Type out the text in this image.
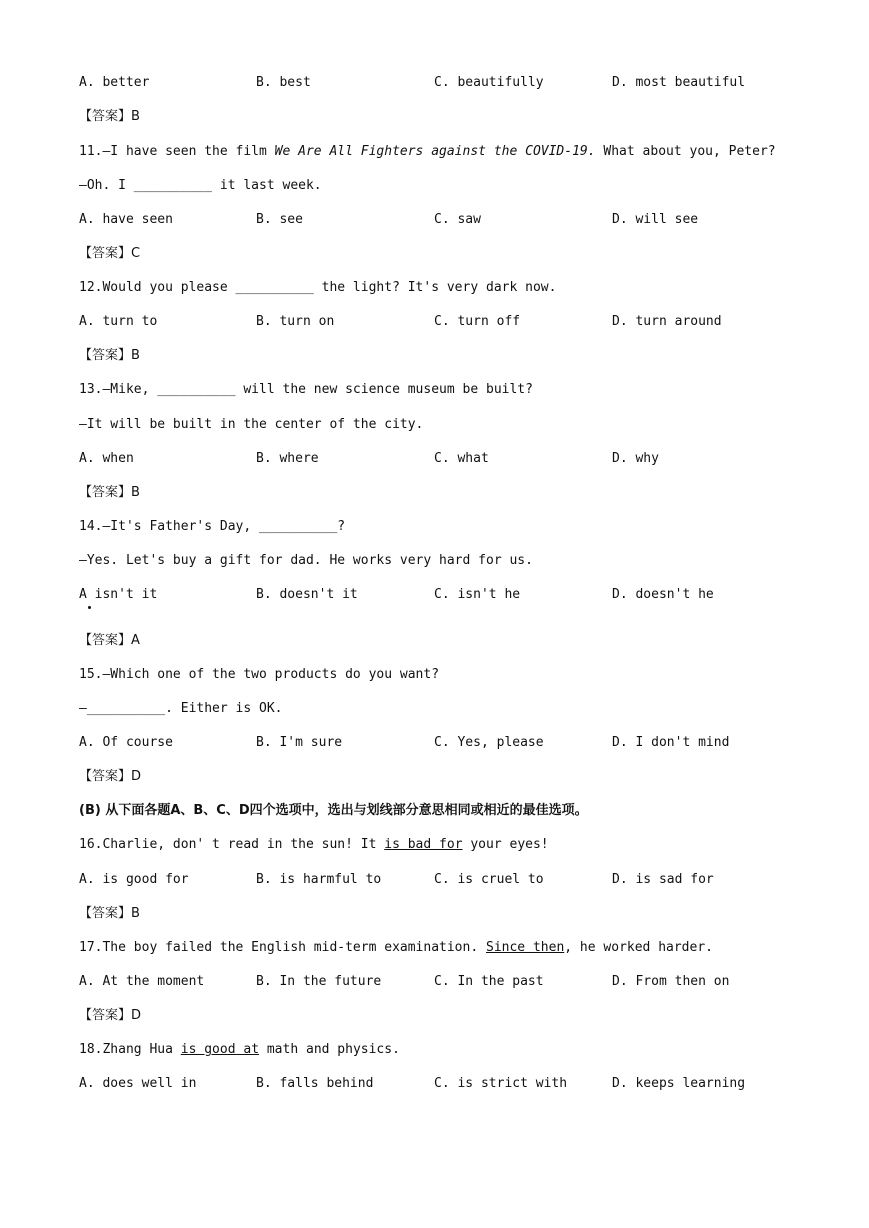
A. better	B. best	C. beautifully	D. most beautiful
【答案】B
11.—I have seen the film We Are All Fighters against the COVID-19. What about you, Peter?
—Oh. I __________ it last week.
A. have seen	B. see	C. saw	D. will see
【答案】C
12.Would you please __________ the light? It's very dark now.
A. turn to	B. turn on	C. turn off	D. turn around
【答案】B
13.—Mike, __________ will the new science museum be built?
—It will be built in the center of the city.
A. when	B. where	C. what	D. why
【答案】B
14.—It's Father's Day, __________?
—Yes. Let's buy a gift for dad. He works very hard for us.
A isn't it	B. doesn't it	C. isn't he	D. doesn't he
【答案】A
15.—Which one of the two products do you want?
—__________. Either is OK.
A. Of course	B. I'm sure	C. Yes, please	D. I don't mind
【答案】D
(B) 从下面各题A、B、C、D四个选项中，选出与划线部分意思相同或相近的最佳选项。
16.Charlie, don' t read in the sun! It is bad for your eyes!
A. is good for	B. is harmful to	C. is cruel to	D. is sad for
【答案】B
17.The boy failed the English mid-term examination. Since then, he worked harder.
A. At the moment	B. In the future	C. In the past	D. From then on
【答案】D
18.Zhang Hua is good at math and physics.
A. does well in	B. falls behind	C. is strict with	D. keeps learning
